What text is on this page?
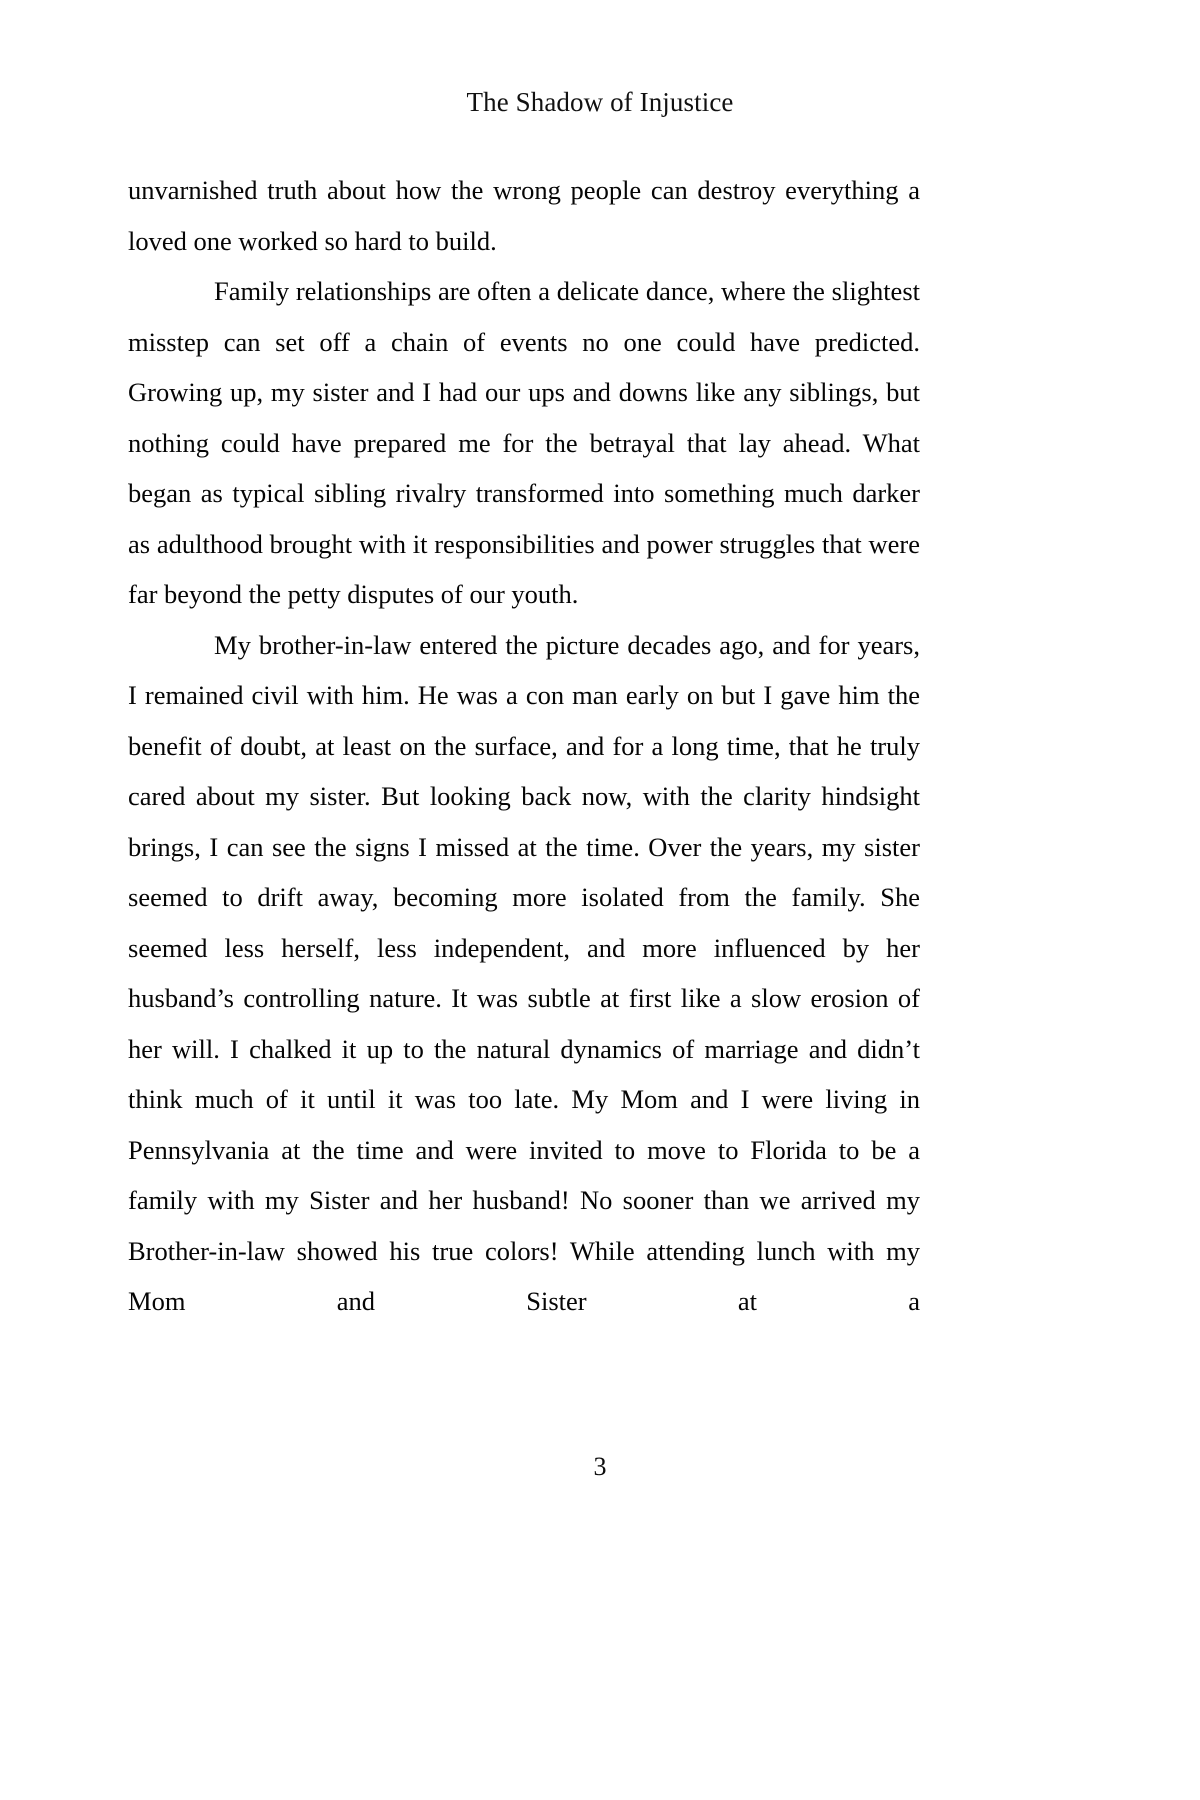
The Shadow of Injustice

unvarnished truth about how the wrong people can destroy everything a loved one worked so hard to build.

Family relationships are often a delicate dance, where the slightest misstep can set off a chain of events no one could have predicted. Growing up, my sister and I had our ups and downs like any siblings, but nothing could have prepared me for the betrayal that lay ahead. What began as typical sibling rivalry transformed into something much darker as adulthood brought with it responsibilities and power struggles that were far beyond the petty disputes of our youth.

My brother-in-law entered the picture decades ago, and for years, I remained civil with him. He was a con man early on but I gave him the benefit of doubt, at least on the surface, and for a long time, that he truly cared about my sister. But looking back now, with the clarity hindsight brings, I can see the signs I missed at the time. Over the years, my sister seemed to drift away, becoming more isolated from the family. She seemed less herself, less independent, and more influenced by her husband’s controlling nature. It was subtle at first like a slow erosion of her will. I chalked it up to the natural dynamics of marriage and didn’t think much of it until it was too late. My Mom and I were living in Pennsylvania at the time and were invited to move to Florida to be a family with my Sister and her husband! No sooner than we arrived my Brother-in-law showed his true colors! While attending lunch with my Mom and Sister at a

3
